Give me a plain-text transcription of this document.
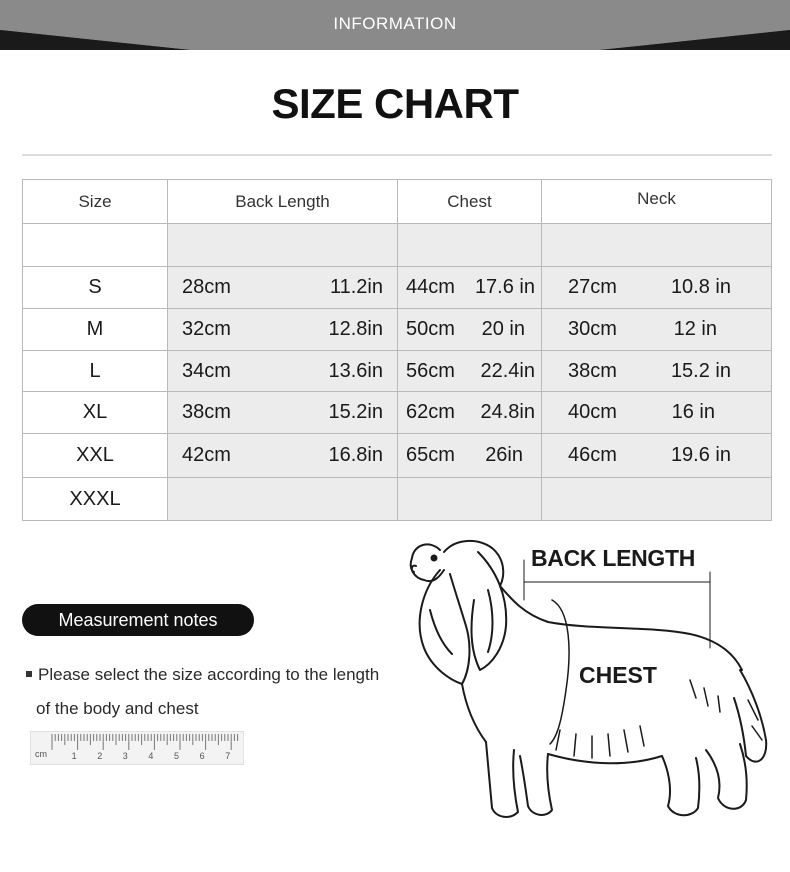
INFORMATION
SIZE CHART
Size	Back Length	Chest	Neck

S	28cm 11.2in	44cm 17.6 in	27cm 10.8 in

M	32cm 12.8in	50cm 20 in	30cm 12 in

L	34cm 13.6in	56cm 22.4in	38cm 15.2 in

XL	38cm 15.2in	62cm 24.8in	40cm 16 in

XXL	42cm 16.8in	65cm 26in	46cm 19.6 in

XXXL			
Measurement notes
Please select the size according to the length
of the body and chest
cm	1 2 3 4 5 6 7
BACK LENGTH
CHEST
